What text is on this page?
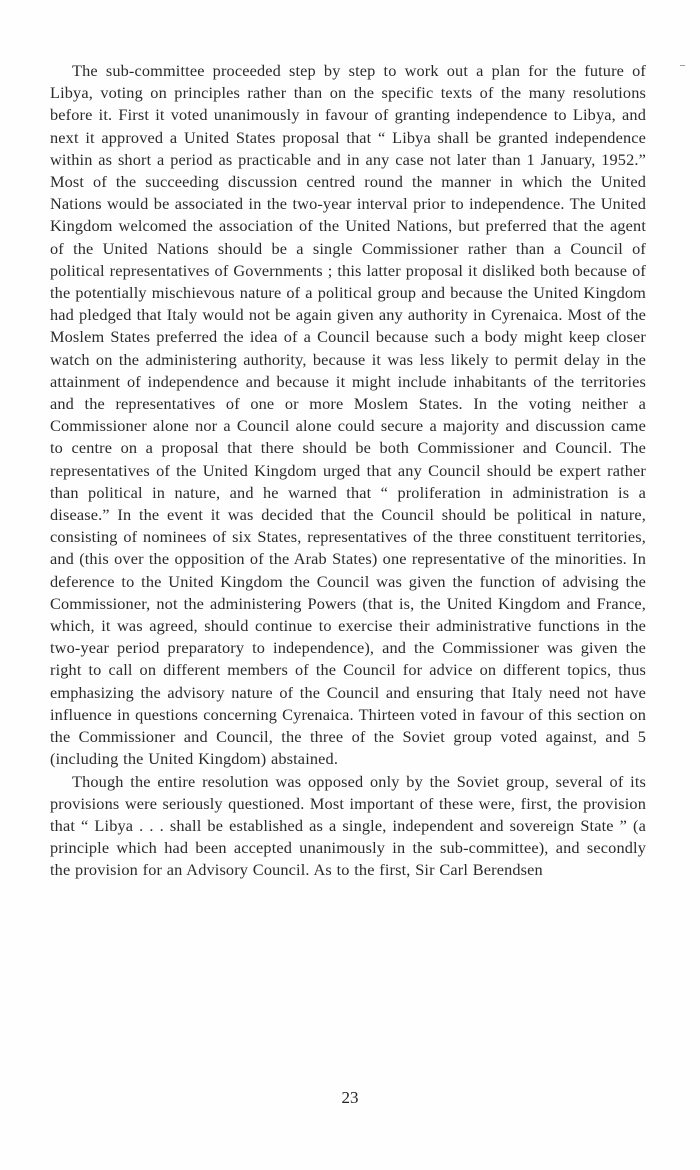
The sub-committee proceeded step by step to work out a plan for the future of Libya, voting on principles rather than on the specific texts of the many resolutions before it. First it voted unanimously in favour of granting independence to Libya, and next it approved a United States proposal that “ Libya shall be granted independence within as short a period as practicable and in any case not later than 1 January, 1952.” Most of the succeeding discussion centred round the manner in which the United Nations would be associated in the two-year interval prior to independence. The United Kingdom welcomed the association of the United Nations, but preferred that the agent of the United Nations should be a single Commissioner rather than a Council of political representatives of Governments ; this latter proposal it disliked both because of the potentially mischievous nature of a political group and because the United Kingdom had pledged that Italy would not be again given any authority in Cyrenaica. Most of the Moslem States preferred the idea of a Council because such a body might keep closer watch on the administering authority, because it was less likely to permit delay in the attainment of independence and because it might include inhabitants of the territories and the representatives of one or more Moslem States. In the voting neither a Commissioner alone nor a Council alone could secure a majority and discussion came to centre on a proposal that there should be both Commissioner and Council. The representatives of the United Kingdom urged that any Council should be expert rather than political in nature, and he warned that “ proliferation in administration is a disease.” In the event it was decided that the Council should be political in nature, consisting of nominees of six States, representatives of the three constituent territories, and (this over the opposition of the Arab States) one representative of the minorities. In deference to the United Kingdom the Council was given the function of advising the Commissioner, not the administering Powers (that is, the United Kingdom and France, which, it was agreed, should continue to exercise their administrative functions in the two-year period preparatory to independence), and the Commissioner was given the right to call on different members of the Council for advice on different topics, thus emphasizing the advisory nature of the Council and ensuring that Italy need not have influence in questions concerning Cyrenaica. Thirteen voted in favour of this section on the Commissioner and Council, the three of the Soviet group voted against, and 5 (including the United Kingdom) abstained.

Though the entire resolution was opposed only by the Soviet group, several of its provisions were seriously questioned. Most important of these were, first, the provision that “ Libya . . . shall be established as a single, independent and sovereign State ” (a principle which had been accepted unanimously in the sub-committee), and secondly the provision for an Advisory Council. As to the first, Sir Carl Berendsen

‒
23
